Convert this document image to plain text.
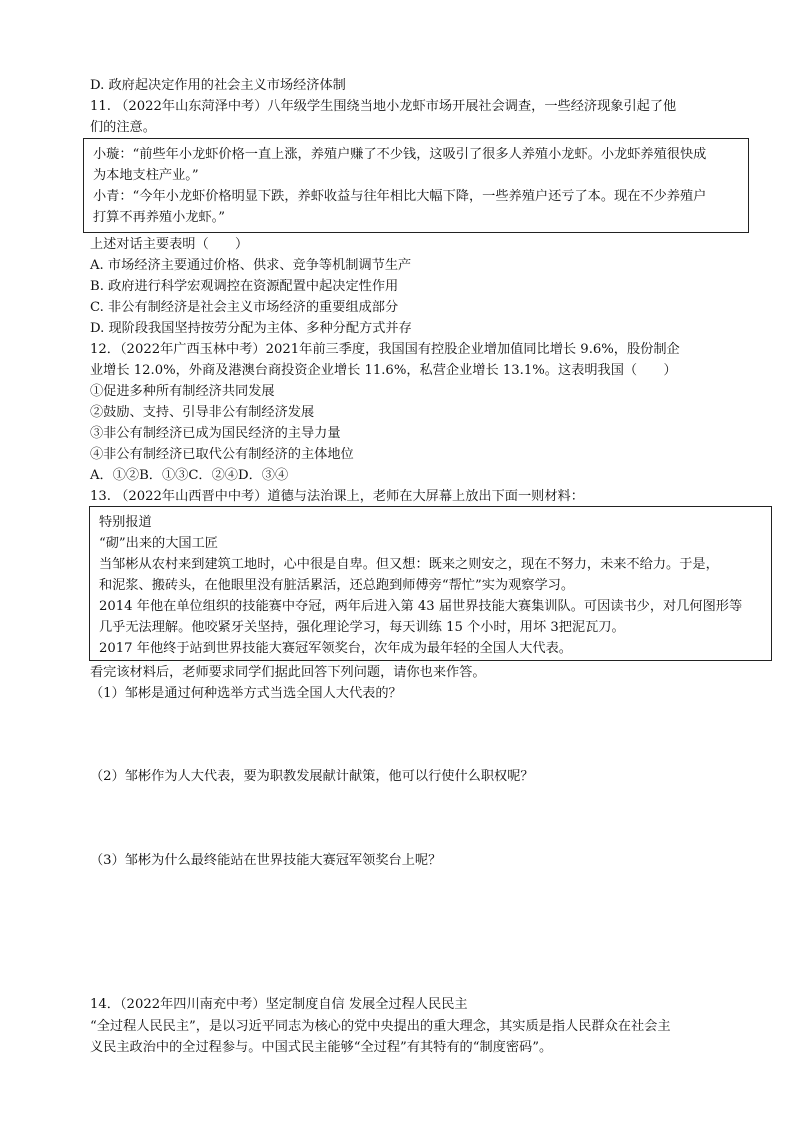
D. 政府起决定作用的社会主义市场经济体制
11. （2022年山东菏泽中考）八年级学生围绕当地小龙虾市场开展社会调查，一些经济现象引起了他
们的注意。
小璇：“前些年小龙虾价格一直上涨，养殖户赚了不少钱，这吸引了很多人养殖小龙虾。小龙虾养殖很快成
为本地支柱产业。”
小青：“今年小龙虾价格明显下跌，养虾收益与往年相比大幅下降，一些养殖户还亏了本。现在不少养殖户
打算不再养殖小龙虾。”
上述对话主要表明（　　）
A. 市场经济主要通过价格、供求、竞争等机制调节生产
B. 政府进行科学宏观调控在资源配置中起决定性作用
C. 非公有制经济是社会主义市场经济的重要组成部分
D. 现阶段我国坚持按劳分配为主体、多种分配方式并存
12．（2022年广西玉林中考）2021年前三季度，我国国有控股企业增加值同比增长 9.6%，股份制企
业增长 12.0%，外商及港澳台商投资企业增长 11.6%，私营企业增长 13.1%。这表明我国（　　）
①促进多种所有制经济共同发展
②鼓励、支持、引导非公有制经济发展
③非公有制经济已成为国民经济的主导力量
④非公有制经济已取代公有制经济的主体地位
A．①②B．①③C．②④D．③④
13. （2022年山西晋中中考）道德与法治课上，老师在大屏幕上放出下面一则材料：
特别报道
“砌”出来的大国工匠
当邹彬从农村来到建筑工地时，心中很是自卑。但又想：既来之则安之，现在不努力，未来不给力。于是，
和泥浆、搬砖头，在他眼里没有脏活累活，还总跑到师傅旁“帮忙”实为观察学习。
2014 年他在单位组织的技能赛中夺冠，两年后进入第 43 届世界技能大赛集训队。可因读书少，对几何图形等
几乎无法理解。他咬紧牙关坚持，强化理论学习，每天训练 15 个小时，用坏 3把泥瓦刀。
2017 年他终于站到世界技能大赛冠军领奖台，次年成为最年轻的全国人大代表。
看完该材料后，老师要求同学们据此回答下列问题，请你也来作答。
（1）邹彬是通过何种选举方式当选全国人大代表的？
（2）邹彬作为人大代表，要为职教发展献计献策，他可以行使什么职权呢？
（3）邹彬为什么最终能站在世界技能大赛冠军领奖台上呢？
14．（2022年四川南充中考）坚定制度自信 发展全过程人民民主
“全过程人民民主”，是以习近平同志为核心的党中央提出的重大理念，其实质是指人民群众在社会主
义民主政治中的全过程参与。中国式民主能够“全过程”有其特有的“制度密码”。
